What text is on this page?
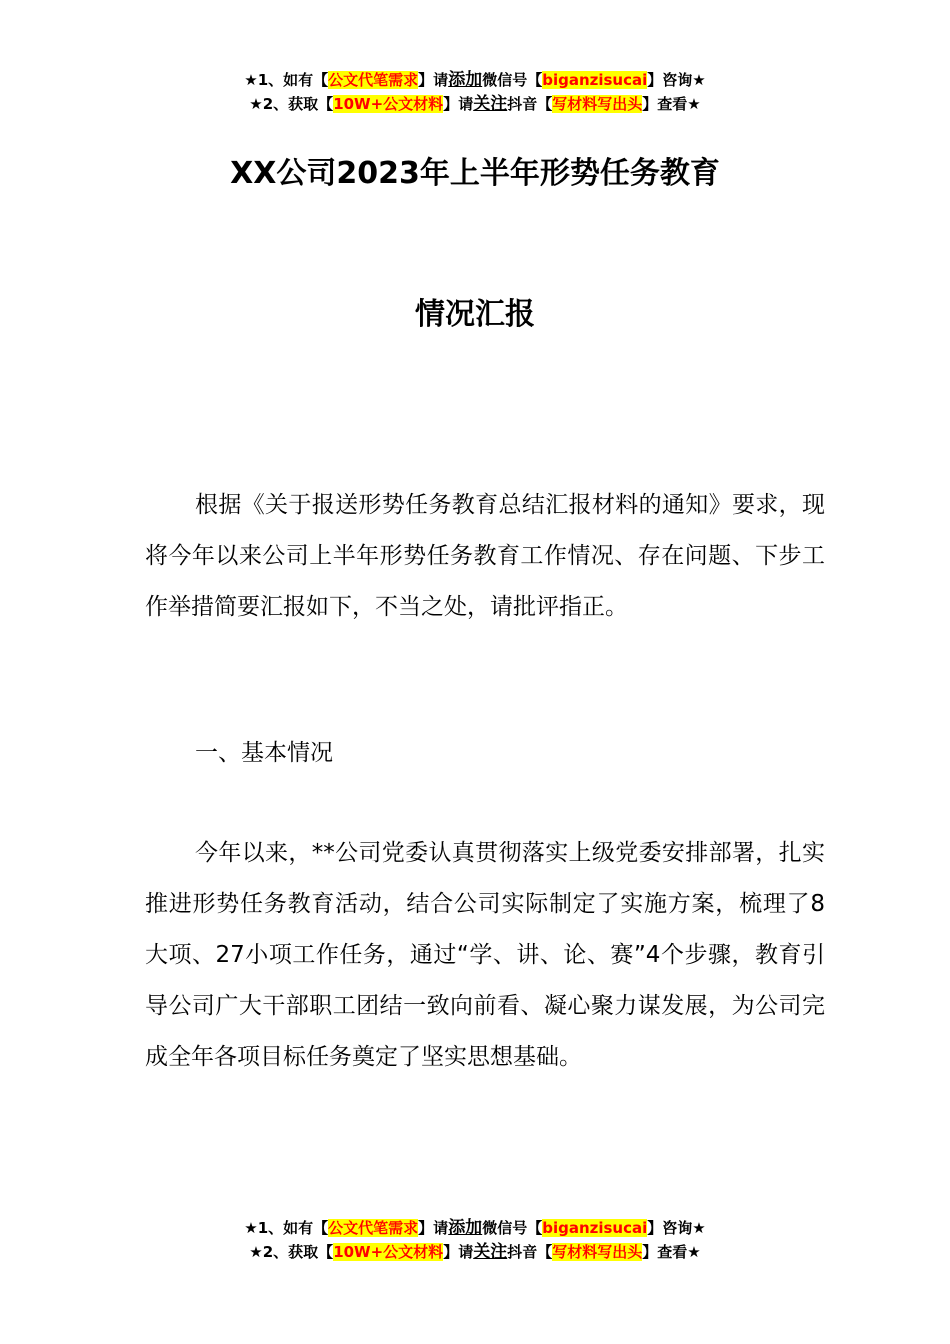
★1、如有【公文代笔需求】请添加微信号【biganzisucai】咨询★
★2、获取【10W+公文材料】请关注抖音【写材料写出头】查看★
XX公司2023年上半年形势任务教育
情况汇报

根据《关于报送形势任务教育总结汇报材料的通知》要求，现将今年以来公司上半年形势任务教育工作情况、存在问题、下步工作举措简要汇报如下，不当之处，请批评指正。

一、基本情况

今年以来，**公司党委认真贯彻落实上级党委安排部署，扎实推进形势任务教育活动，结合公司实际制定了实施方案，梳理了8大项、27小项工作任务，通过“学、讲、论、赛”4个步骤，教育引导公司广大干部职工团结一致向前看、凝心聚力谋发展，为公司完成全年各项目标任务奠定了坚实思想基础。

★1、如有【公文代笔需求】请添加微信号【biganzisucai】咨询★
★2、获取【10W+公文材料】请关注抖音【写材料写出头】查看★
